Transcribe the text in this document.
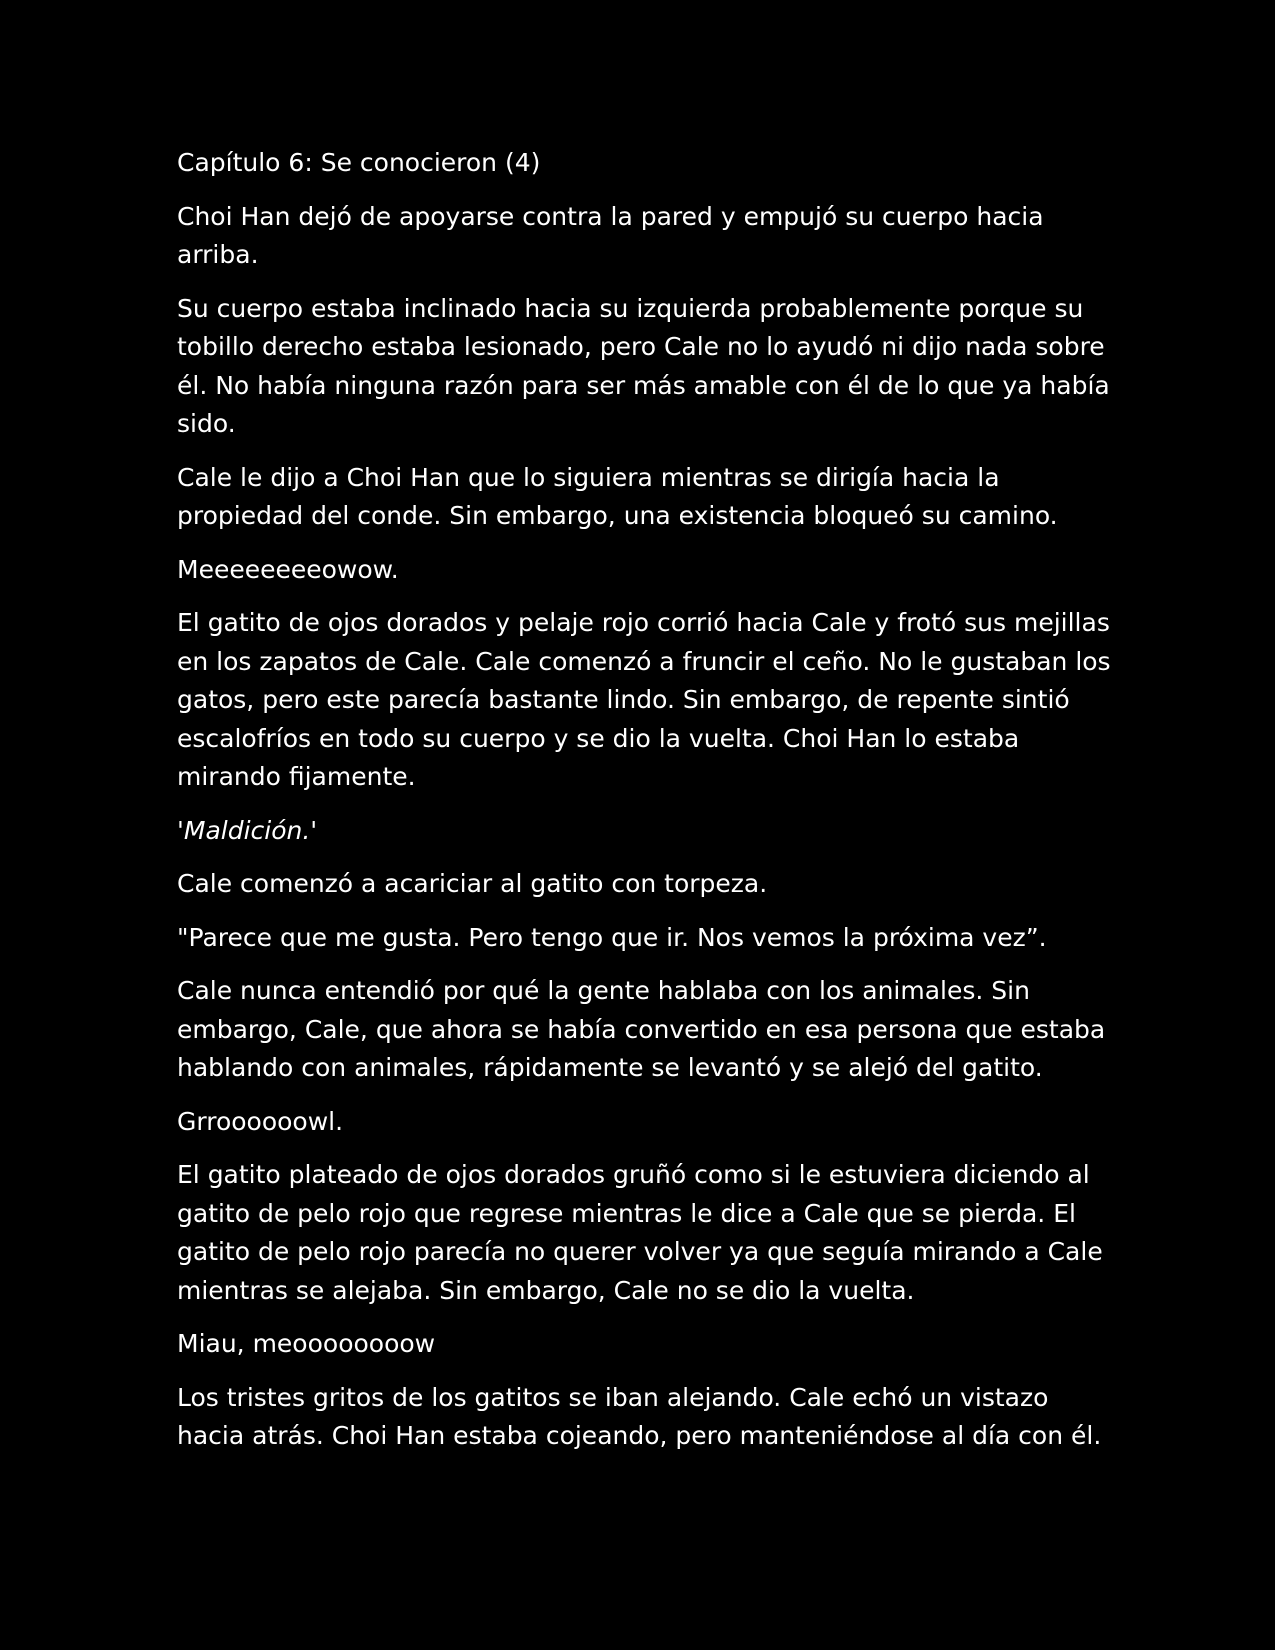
Capítulo 6: Se conocieron (4)

Choi Han dejó de apoyarse contra la pared y empujó su cuerpo hacia arriba.

Su cuerpo estaba inclinado hacia su izquierda probablemente porque su tobillo derecho estaba lesionado, pero Cale no lo ayudó ni dijo nada sobre él. No había ninguna razón para ser más amable con él de lo que ya había sido.

Cale le dijo a Choi Han que lo siguiera mientras se dirigía hacia la propiedad del conde. Sin embargo, una existencia bloqueó su camino.

Meeeeeeeeowow.

El gatito de ojos dorados y pelaje rojo corrió hacia Cale y frotó sus mejillas en los zapatos de Cale. Cale comenzó a fruncir el ceño. No le gustaban los gatos, pero este parecía bastante lindo. Sin embargo, de repente sintió escalofríos en todo su cuerpo y se dio la vuelta. Choi Han lo estaba mirando fijamente.

'Maldición.'

Cale comenzó a acariciar al gatito con torpeza.

"Parece que me gusta. Pero tengo que ir. Nos vemos la próxima vez”.

Cale nunca entendió por qué la gente hablaba con los animales. Sin embargo, Cale, que ahora se había convertido en esa persona que estaba hablando con animales, rápidamente se levantó y se alejó del gatito.

Grroooooowl.

El gatito plateado de ojos dorados gruñó como si le estuviera diciendo al gatito de pelo rojo que regrese mientras le dice a Cale que se pierda. El gatito de pelo rojo parecía no querer volver ya que seguía mirando a Cale mientras se alejaba. Sin embargo, Cale no se dio la vuelta.

Miau, meoooooooow

Los tristes gritos de los gatitos se iban alejando. Cale echó un vistazo hacia atrás. Choi Han estaba cojeando, pero manteniéndose al día con él.
